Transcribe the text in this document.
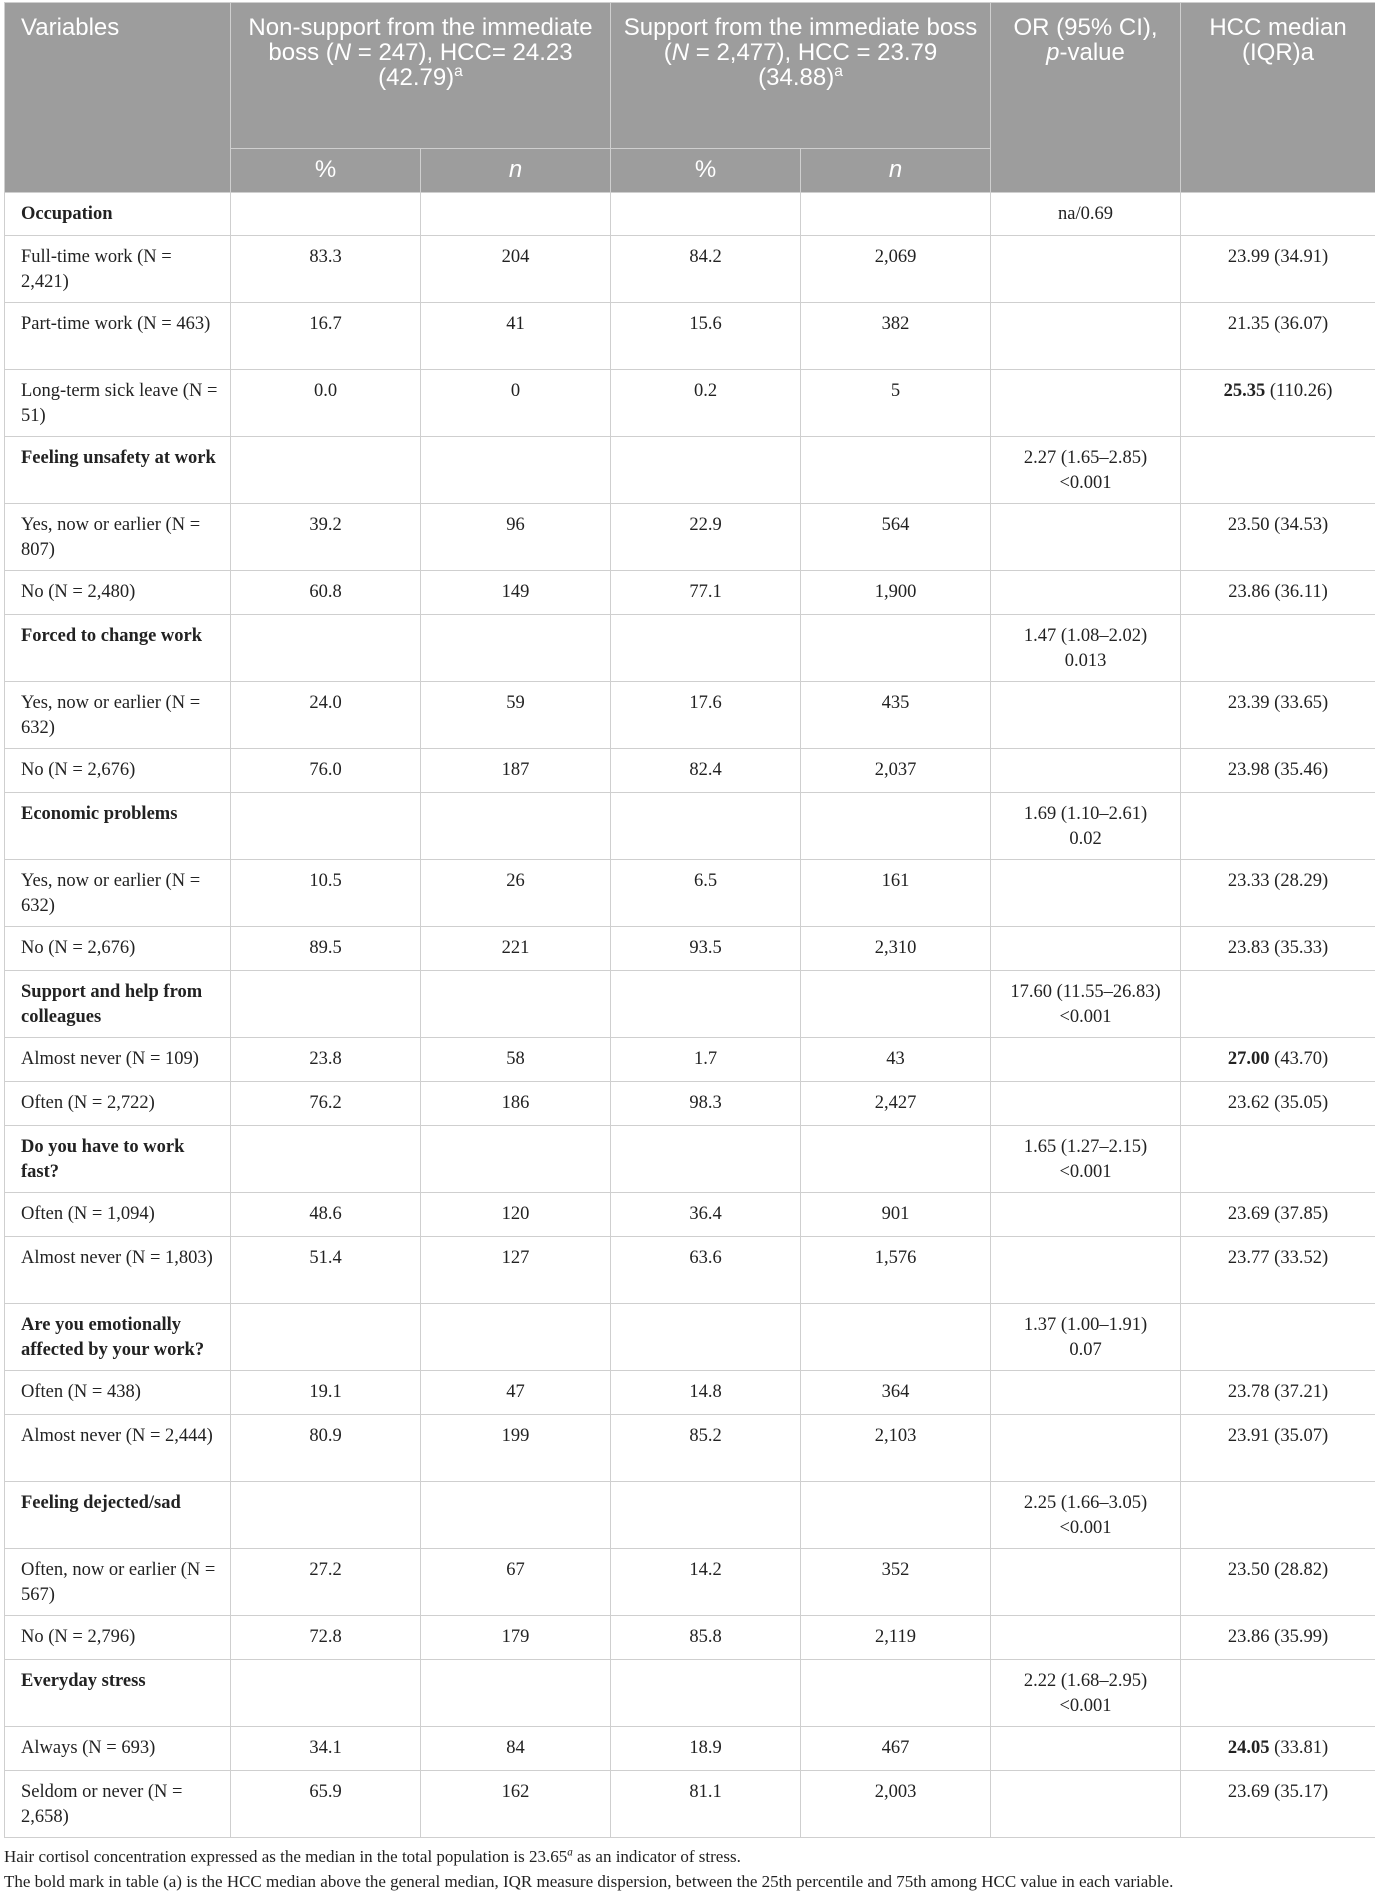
Variables	Non-support from the immediate boss (N = 247), HCC= 24.23 $(42.79)^a$		Support from the immediate boss (N = 2,477), HCC = 23.79 $(34.88)^a$		OR (95% CI), p-value	HCC median (IQR)a
	%	n	%	n		
Occupation					na/0.69	

Full-time work (N = 2,421)	83.3	204	84.2	2,069		23.99 (34.91)
Part-time work (N = 463)	16.7	41	15.6	382		21.35 (36.07)
Long-term sick leave (N = 51)	0.0	0	0.2	5		25.35 (110.26)
Feeling unsafety at work					2.27 (1.65–2.85)
<0.001	

Yes, now or earlier (N = 807)	39.2	96	22.9	564		23.50 (34.53)
No (N = 2,480)	60.8	149	77.1	1,900		23.86 (36.11)
Forced to change work					1.47 (1.08–2.02)
0.013	

Yes, now or earlier (N = 632)	24.0	59	17.6	435		23.39 (33.65)
No (N = 2,676)	76.0	187	82.4	2,037		23.98 (35.46)
Economic problems					1.69 (1.10–2.61)
0.02	

Yes, now or earlier (N = 632)	10.5	26	6.5	161		23.33 (28.29)
No (N = 2,676)	89.5	221	93.5	2,310		23.83 (35.33)
Support and help from colleagues					17.60 (11.55–26.83)
<0.001	

Almost never (N = 109)	23.8	58	1.7	43		27.00 (43.70)
Often (N = 2,722)	76.2	186	98.3	2,427		23.62 (35.05)
Do you have to work fast?					1.65 (1.27–2.15)
<0.001	

Often (N = 1,094)	48.6	120	36.4	901		23.69 (37.85)
Almost never (N = 1,803)	51.4	127	63.6	1,576		23.77 (33.52)
Are you emotionally affected by your work?					1.37 (1.00–1.91)
0.07	

Often (N = 438)	19.1	47	14.8	364		23.78 (37.21)
Almost never (N = 2,444)	80.9	199	85.2	2,103		23.91 (35.07)
Feeling dejected/sad					2.25 (1.66–3.05)
<0.001	

Often, now or earlier (N = 567)	27.2	67	14.2	352		23.50 (28.82)
No (N = 2,796)	72.8	179	85.8	2,119		23.86 (35.99)
Everyday stress					2.22 (1.68–2.95)
<0.001	

Always (N = 693)	34.1	84	18.9	467		24.05 (33.81)
Seldom or never (N = 2,658)	65.9	162	81.1	2,003		23.69 (35.17)
Hair cortisol concentration expressed as the median in the total population is 23.65$^a$ as an indicator of stress.
The bold mark in table (a) is the HCC median above the general median, IQR measure dispersion, between the 25th percentile and 75th among HCC value in each variable.
